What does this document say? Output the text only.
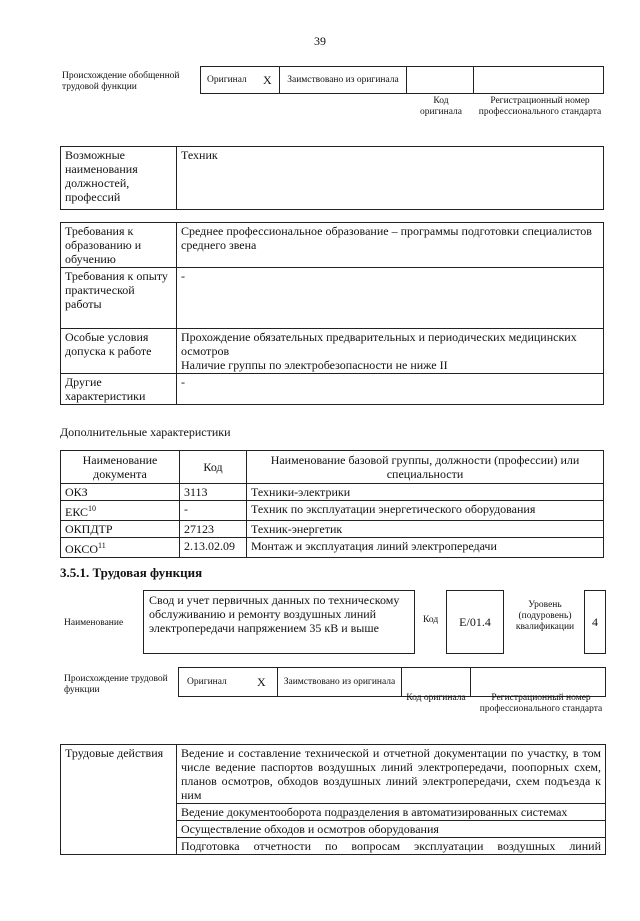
39
Происхождение обобщенной трудовой функции
Оригинал X Заимствовано из оригинала
Код оригинала
Регистрационный номер профессионального стандарта
Возможные наименования должностей, профессий	Техник
Требования к образованию и обучению	Среднее профессиональное образование – программы подготовки специалистов среднего звена
Требования к опыту практической работы	-
Особые условия допуска к работе	Прохождение обязательных предварительных и периодических медицинских осмотров
Наличие группы по электробезопасности не ниже II

Другие характеристики	-
Дополнительные характеристики
Наименование документа	Код	Наименование базовой группы, должности (профессии) или специальности
ОКЗ	3113	Техники-электрики
ЕКС$^{10}$	-	Техник по эксплуатации энергетического оборудования
ОКПДТР	27123	Техник-энергетик
ОКСО$^{11}$	2.13.02.09	Монтаж и эксплуатация линий электропередачи
3.5.1. Трудовая функция
Наименование
Свод и учет первичных данных по техническому обслуживанию и ремонту воздушных линий электропередачи напряжением 35 кВ и выше
Код E/01.4
Уровень (подуровень) квалификации	4
Происхождение трудовой функции
Оригинал	X Заимствовано из оригинала
Код оригинала	Регистрационный номер профессионального стандарта
Трудовые действия	Ведение и составление технической и отчетной документации по участку, в том числе ведение паспортов воздушных линий электропередачи, поопорных схем, планов осмотров, обходов воздушных линий электропередачи, схем подъезда к ним
Ведение документооборота подразделения в автоматизированных системах
Осуществление обходов и осмотров оборудования
Подготовка отчетности по вопросам эксплуатации воздушных линий
